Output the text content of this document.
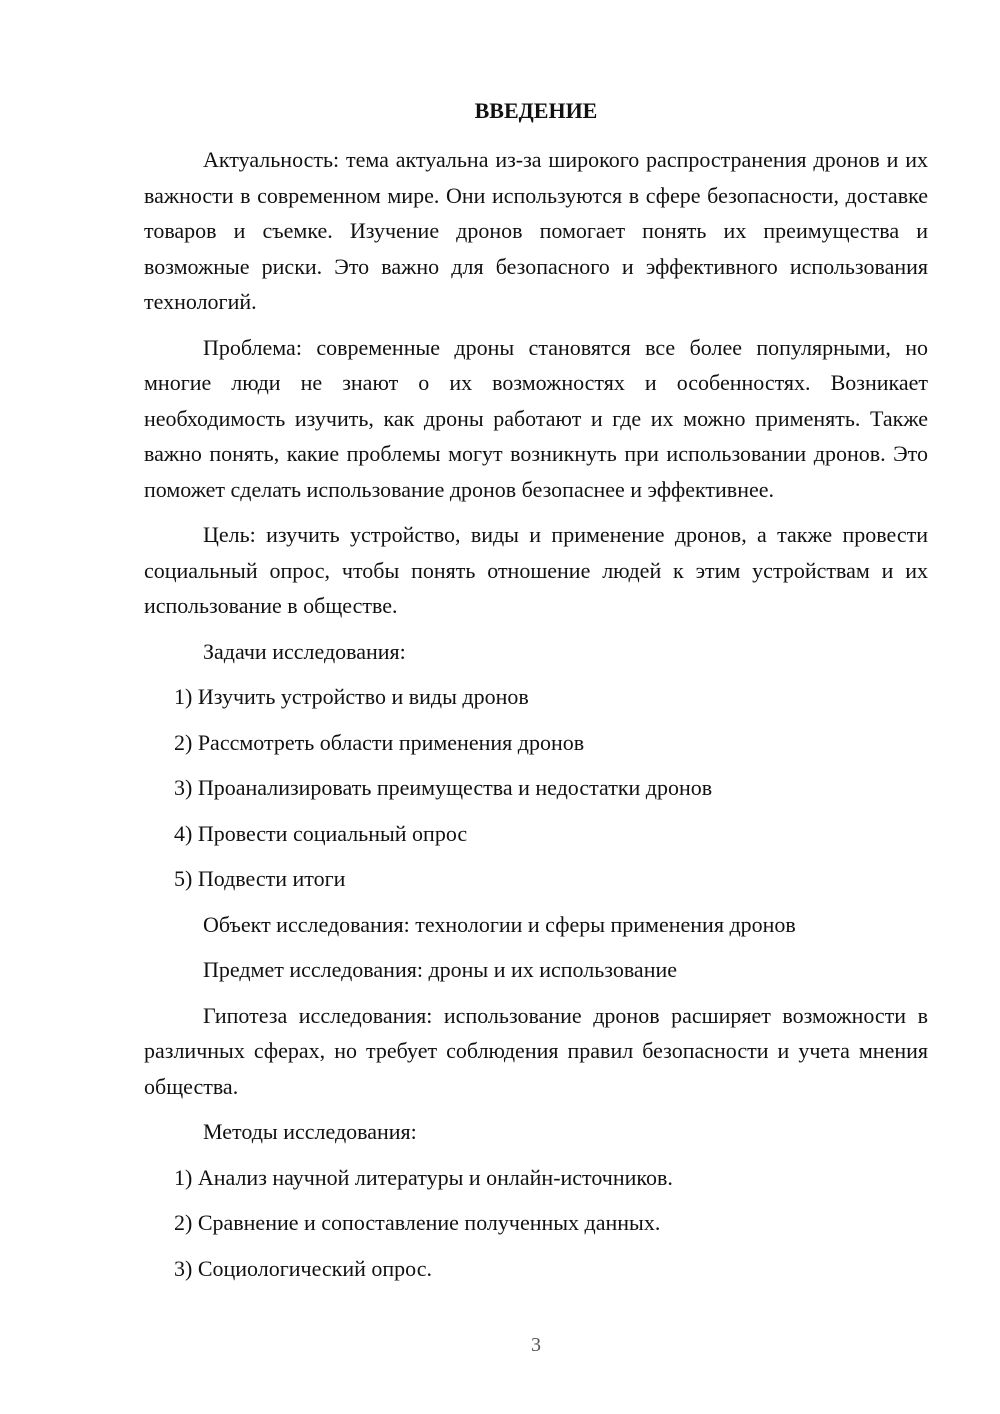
ВВЕДЕНИЕ

Актуальность: тема актуальна из-за широкого распространения дронов и их важности в современном мире. Они используются в сфере безопасности, доставке товаров и съемке. Изучение дронов помогает понять их преимущества и возможные риски. Это важно для безопасного и эффективного использования технологий.

Проблема: современные дроны становятся все более популярными, но многие люди не знают о их возможностях и особенностях. Возникает необходимость изучить, как дроны работают и где их можно применять. Также важно понять, какие проблемы могут возникнуть при использовании дронов. Это поможет сделать использование дронов безопаснее и эффективнее.

Цель: изучить устройство, виды и применение дронов, а также провести социальный опрос, чтобы понять отношение людей к этим устройствам и их использование в обществе.

Задачи исследования:

1) Изучить устройство и виды дронов
2) Рассмотреть области применения дронов
3) Проанализировать преимущества и недостатки дронов
4) Провести социальный опрос
5) Подвести итоги

Объект исследования: технологии и сферы применения дронов

Предмет исследования: дроны и их использование

Гипотеза исследования: использование дронов расширяет возможности в различных сферах, но требует соблюдения правил безопасности и учета мнения общества.

Методы исследования:

1) Анализ научной литературы и онлайн-источников.
2) Сравнение и сопоставление полученных данных.
3) Социологический опрос.
3
